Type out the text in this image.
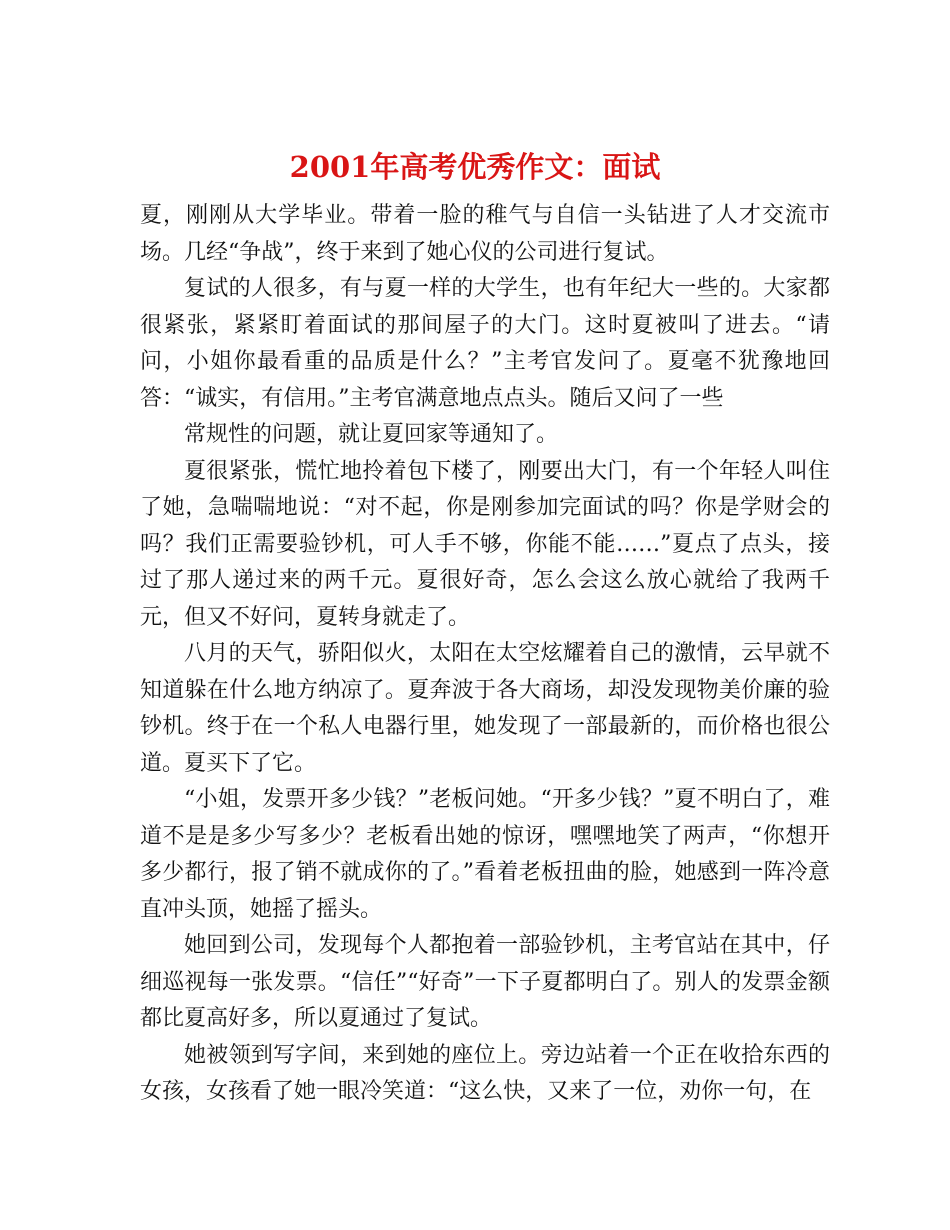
2001年高考优秀作文：面试

夏，刚刚从大学毕业。带着一脸的稚气与自信一头钻进了人才交流市场。几经“争战”，终于来到了她心仪的公司进行复试。

复试的人很多，有与夏一样的大学生，也有年纪大一些的。大家都很紧张，紧紧盯着面试的那间屋子的大门。这时夏被叫了进去。“请问，小姐你最看重的品质是什么？”主考官发问了。夏毫不犹豫地回答：“诚实，有信用。”主考官满意地点点头。随后又问了一些

常规性的问题，就让夏回家等通知了。

夏很紧张，慌忙地拎着包下楼了，刚要出大门，有一个年轻人叫住了她，急喘喘地说：“对不起，你是刚参加完面试的吗？你是学财会的吗？我们正需要验钞机，可人手不够，你能不能……”夏点了点头，接过了那人递过来的两千元。夏很好奇，怎么会这么放心就给了我两千元，但又不好问，夏转身就走了。

八月的天气，骄阳似火，太阳在太空炫耀着自己的激情，云早就不知道躲在什么地方纳凉了。夏奔波于各大商场，却没发现物美价廉的验钞机。终于在一个私人电器行里，她发现了一部最新的，而价格也很公道。夏买下了它。

“小姐，发票开多少钱？”老板问她。“开多少钱？”夏不明白了，难道不是是多少写多少？老板看出她的惊讶，嘿嘿地笑了两声，“你想开多少都行，报了销不就成你的了。”看着老板扭曲的脸，她感到一阵冷意直冲头顶，她摇了摇头。

她回到公司，发现每个人都抱着一部验钞机，主考官站在其中，仔细巡视每一张发票。“信任”“好奇”一下子夏都明白了。别人的发票金额都比夏高好多，所以夏通过了复试。

她被领到写字间，来到她的座位上。旁边站着一个正在收拾东西的女孩，女孩看了她一眼冷笑道：“这么快，又来了一位，劝你一句，在
